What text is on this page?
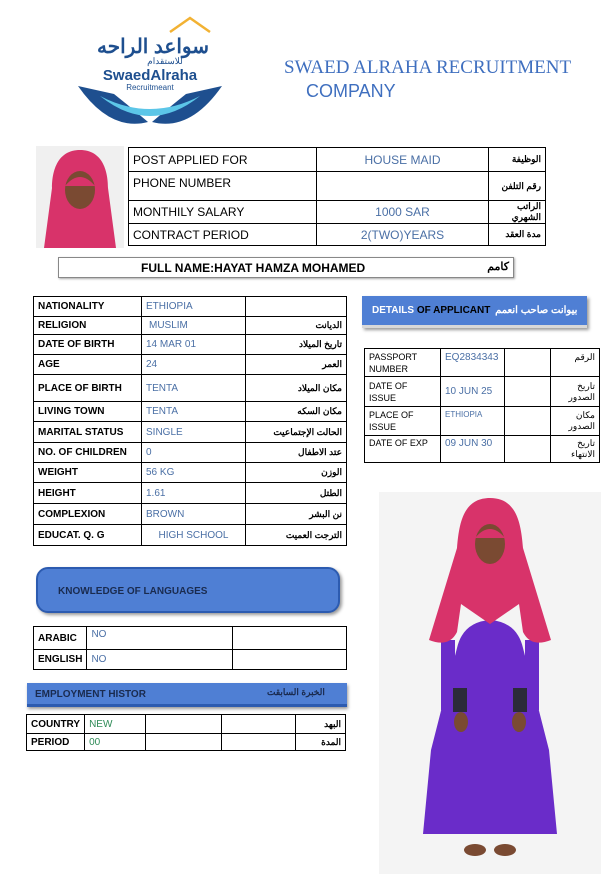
سواعد الراحه
للاستقدام
SwaedAlraha
Recruitmeant
SWAED ALRAHA RECRUITMENT
COMPANY
POST APPLIED FOR	HOUSE MAID	الوظيفة
PHONE NUMBER		رقم التلفن
MONTHILY SALARY	1000 SAR	الراتب الشهري
CONTRACT PERIOD	2(TWO)YEARS	مدة العقد
FULL NAME:HAYAT HAMZA MOHAMED	كامم
NATIONALITY	ETHIOPIA	
RELIGION	MUSLIM	الديانت
DATE OF BIRTH	14 MAR 01	تاريخ الميلاد
AGE	24	العمر
PLACE OF BIRTH	TENTA	مكان الميلاد
LIVING TOWN	TENTA	مكان السكه
MARITAL STATUS	SINGLE	الحالت الإجتماعيت
NO. OF CHILDREN	0	عتد الاطفال
WEIGHT	56 KG	الوزن
HEIGHT	1.61	الطتل
COMPLEXION	BROWN	نن البشر
EDUCAT. Q. G	HIGH SCHOOL	الترجت العميت
DETAILS OF APPLICANT بيوانت صاحب انعمم
PASSPORT NUMBER	EQ2834343		الرقم
DATE OF ISSUE	10 JUN 25		تاريخ الصدور
PLACE OF ISSUE	ETHIOPIA		مكان الصدور
DATE OF EXP	09 JUN 30		تاريخ الانتهاء
KNOWLEDGE OF LANGUAGES
ARABIC	NO	
ENGLISH	NO	
EMPLOYMENT HISTOR	الخبرة السابقت
COUNTRY	NEW			البهد
PERIOD	00			المدة
